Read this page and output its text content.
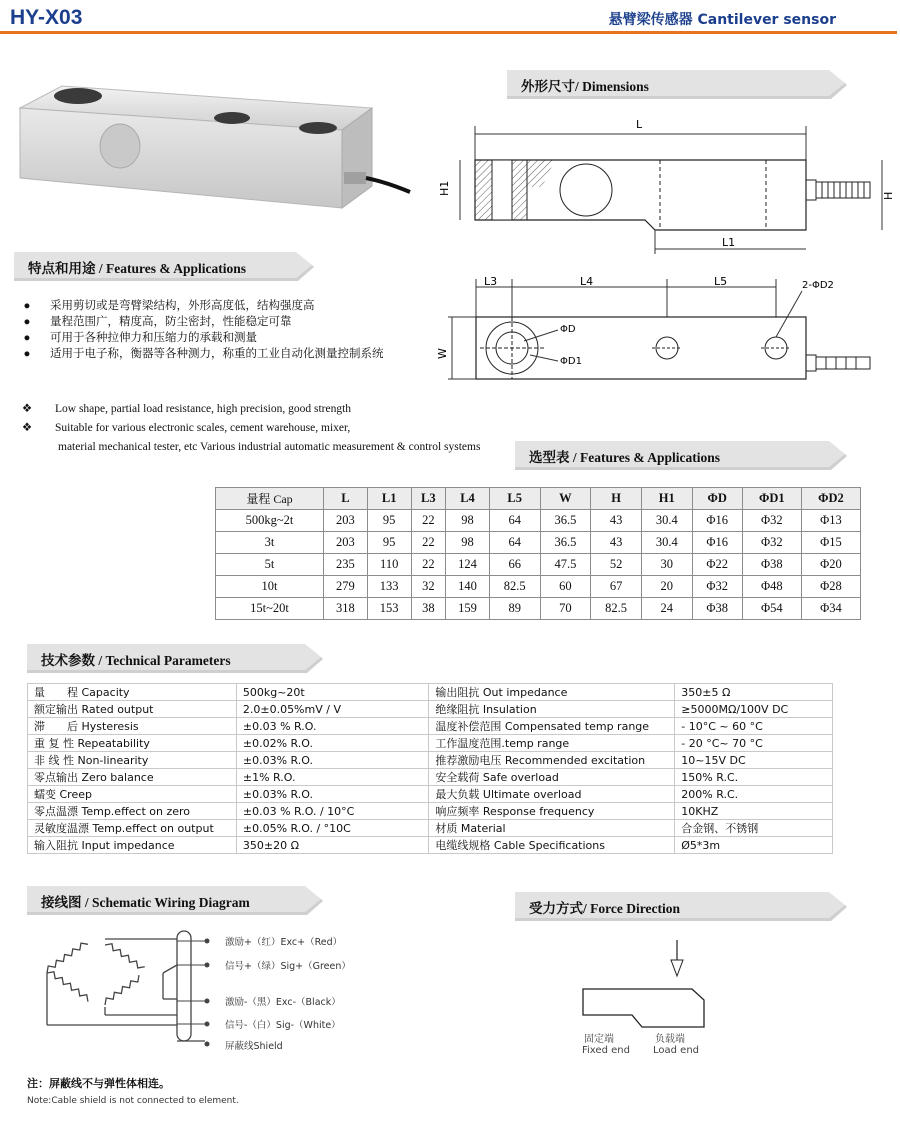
HY-X03	悬臂梁传感器 Cantilever sensor
外形尺寸/ Dimensions
L
H1	H
L1
特点和用途 / Features & Applications
L3	L4	L5	2-ΦD2
ΦD
ΦD1
W
●	采用剪切或是弯臂梁结构，外形高度低，结构强度高
●	量程范围广，精度高，防尘密封，性能稳定可靠
●	可用于各种拉伸力和压缩力的承载和测量
●	适用于电子称，衡器等各种测力，称重的工业自动化测量控制系统
❖	Low shape, partial load resistance, high precision, good strength
❖	Suitable for various electronic scales, cement warehouse, mixer,
material mechanical tester, etc Various industrial automatic measurement & control systems
选型表 / Features & Applications
量程 Cap	L	L1	L3	L4	L5	W	H	H1	ΦD	ΦD1	ΦD2
500kg~2t	203	95	22	98	64	36.5	43	30.4	Φ16	Φ32	Φ13
3t	203	95	22	98	64	36.5	43	30.4	Φ16	Φ32	Φ15
5t	235	110	22	124	66	47.5	52	30	Φ22	Φ38	Φ20
10t	279	133	32	140	82.5	60	67	20	Φ32	Φ48	Φ28
15t~20t	318	153	38	159	89	70	82.5	24	Φ38	Φ54	Φ34
技术参数 / Technical Parameters
量　　程 Capacity	500kg~20t	输出阻抗 Out impedance	350±5 Ω
额定输出 Rated output	2.0±0.05%mV / V	绝缘阻抗 Insulation	≥5000MΩ/100V DC
滞　　后 Hysteresis	±0.03 % R.O.	温度补偿范围 Compensated temp range	- 10°C ~ 60 °C
重 复 性 Repeatability	±0.02% R.O.	工作温度范围.temp range	- 20 °C~ 70 °C
非 线 性 Non-linearity	±0.03% R.O.	推荐激励电压 Recommended excitation	10~15V DC
零点输出 Zero balance	±1% R.O.	安全载荷 Safe overload	150% R.C.
蠕变 Creep	±0.03% R.O.	最大负载 Ultimate overload	200% R.C.
零点温漂 Temp.effect on zero	±0.03 % R.O. / 10°C	响应频率 Response frequency	10KHZ
灵敏度温漂 Temp.effect on output	±0.05% R.O. / °10C	材质 Material	合金钢、不锈钢
输入阻抗 Input impedance	350±20 Ω	电缆线规格 Cable Specifications	Ø5*3m
接线图 / Schematic Wiring Diagram	受力方式/ Force Direction
激励+（红）Exc+（Red）
信号+（绿）Sig+（Green）
激励-（黑）Exc-（Black）
信号-（白）Sig-（White）
屏蔽线Shield
固定端
Fixed end
负载端
Load end
注：屏蔽线不与弹性体相连。
Note:Cable shield is not connected to element.
